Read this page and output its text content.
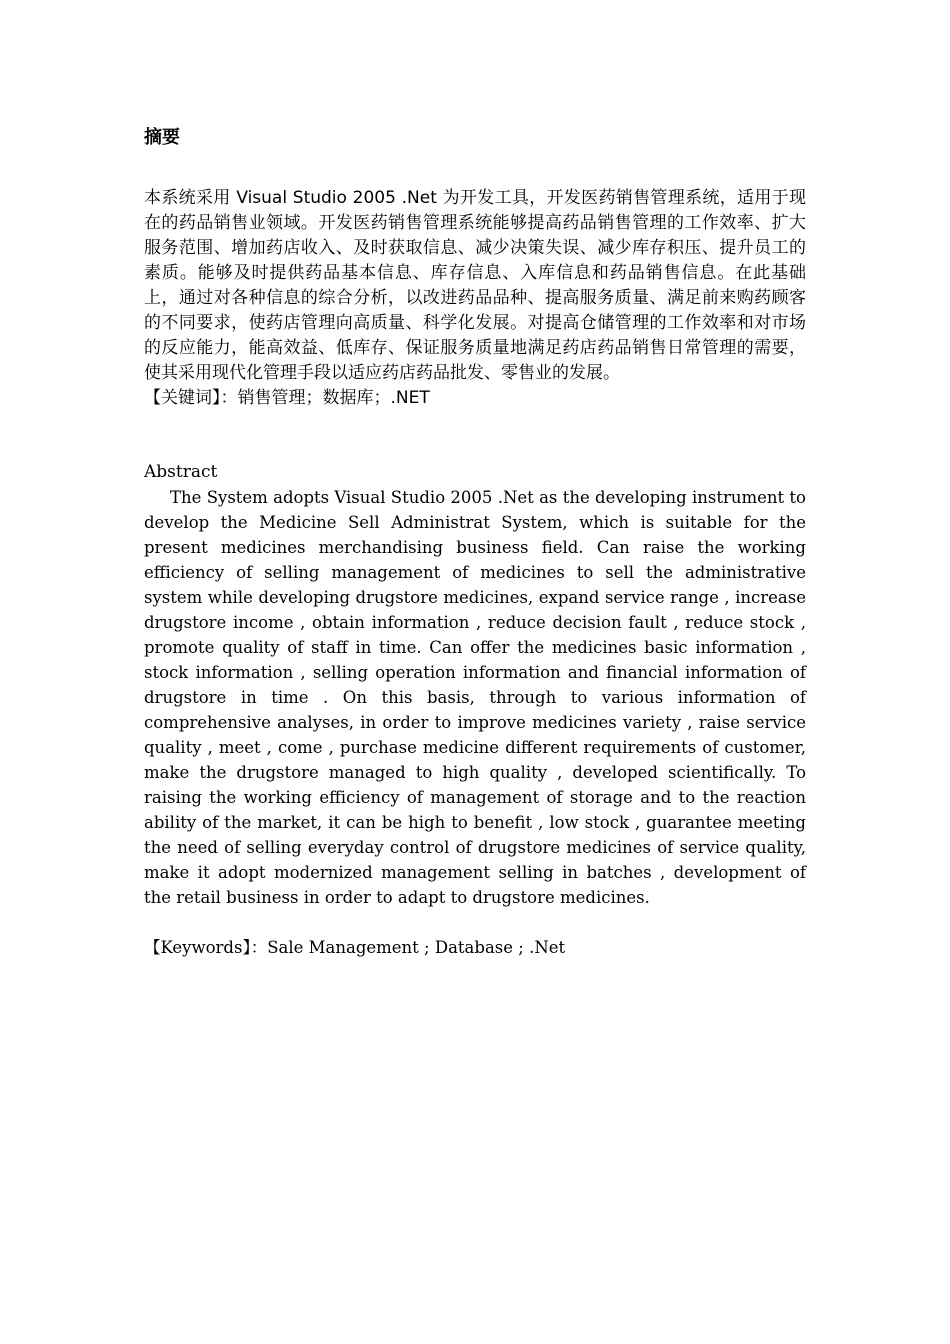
摘要

本系统采用 Visual Studio 2005 .Net 为开发工具，开发医药销售管理系统，适用于现在的药品销售业领域。开发医药销售管理系统能够提高药品销售管理的工作效率、扩大服务范围、增加药店收入、及时获取信息、减少决策失误、减少库存积压、提升员工的素质。能够及时提供药品基本信息、库存信息、入库信息和药品销售信息。在此基础上，通过对各种信息的综合分析，以改进药品品种、提高服务质量、满足前来购药顾客的不同要求，使药店管理向高质量、科学化发展。对提高仓储管理的工作效率和对市场的反应能力，能高效益、低库存、保证服务质量地满足药店药品销售日常管理的需要，使其采用现代化管理手段以适应药店药品批发、零售业的发展。

【关键词】：销售管理；数据库；.NET

Abstract

The System adopts Visual Studio 2005 .Net as the developing instrument to develop the Medicine Sell Administrat System, which is suitable for the present medicines merchandising business field. Can raise the working efficiency of selling management of medicines to sell the administrative system while developing drugstore medicines, expand service range , increase drugstore income , obtain information , reduce decision fault , reduce stock , promote quality of staff in time. Can offer the medicines basic information , stock information , selling operation information and financial information of drugstore in time . On this basis, through to various information of comprehensive analyses, in order to improve medicines variety , raise service quality , meet , come , purchase medicine different requirements of customer, make the drugstore managed to high quality , developed scientifically. To raising the working efficiency of management of storage and to the reaction ability of the market, it can be high to benefit , low stock , guarantee meeting the need of selling everyday control of drugstore medicines of service quality, make it adopt modernized management selling in batches , development of the retail business in order to adapt to drugstore medicines.

【Keywords】：Sale Management ; Database ; .Net
